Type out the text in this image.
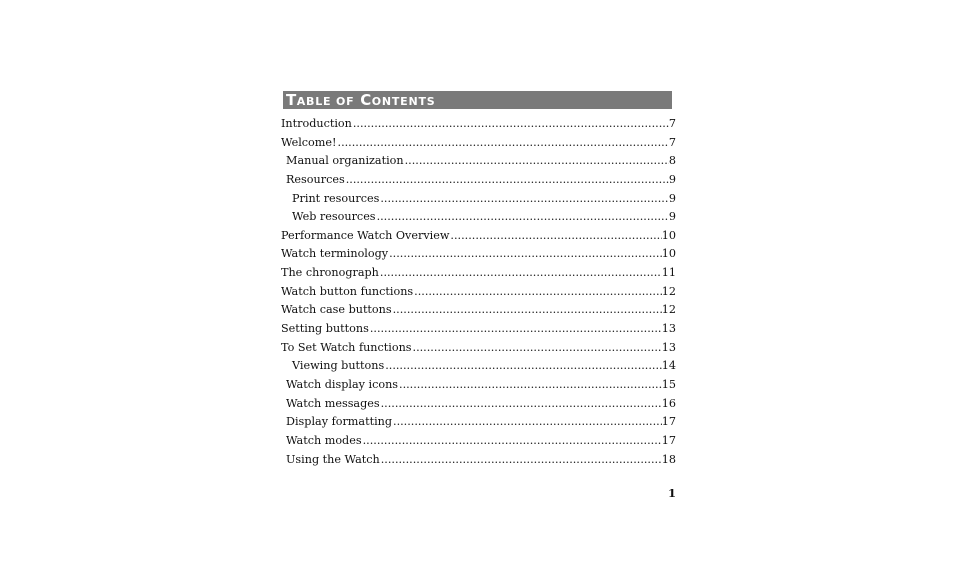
TABLE OF CONTENTS
Introduction .....	7
Welcome! .....	7
Manual organization .....	8
Resources .....	9
Print resources .....	9
Web resources .....	9
Performance Watch Overview .....	10
Watch terminology .....	10
The chronograph .....	11
Watch button functions .....	12
Watch case buttons .....	12
Setting buttons .....	13
To Set Watch functions .....	13
Viewing buttons .....	14
Watch display icons .....	15
Watch messages .....	16
Display formatting .....	17
Watch modes .....	17
Using the Watch .....	18
1
